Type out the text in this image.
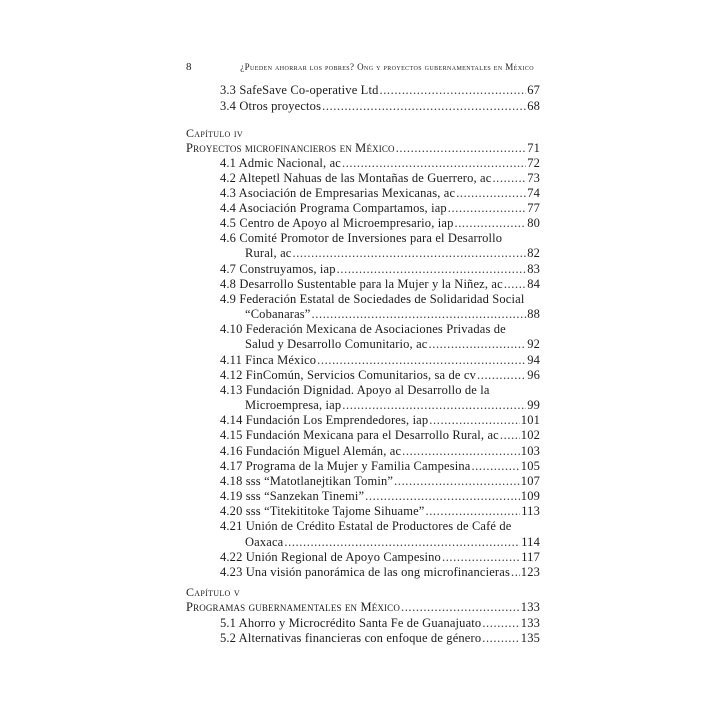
8	¿Pueden ahorrar los pobres? Ong y proyectos gubernamentales en México
3.3 SafeSave Co-operative Ltd .....	67
3.4 Otros proyectos .....	68
Capítulo iv
Proyectos microfinancieros en México .....	71
4.1 Admic Nacional, ac .....	72
4.2 Altepetl Nahuas de las Montañas de Guerrero, ac .....	73
4.3 Asociación de Empresarias Mexicanas, ac .....	74
4.4 Asociación Programa Compartamos, iap .....	77
4.5 Centro de Apoyo al Microempresario, iap .....	80
4.6 Comité Promotor de Inversiones para el Desarrollo
Rural, ac .....	82
4.7 Construyamos, iap .....	83
4.8 Desarrollo Sustentable para la Mujer y la Niñez, ac ..... 84
4.9 Federación Estatal de Sociedades de Solidaridad Social
“Cobanaras” .....	88
4.10 Federación Mexicana de Asociaciones Privadas de
Salud y Desarrollo Comunitario, ac .....	92
4.11 Finca México .....	94
4.12 FinComún, Servicios Comunitarios, sa de cv .....	96
4.13 Fundación Dignidad. Apoyo al Desarrollo de la
Microempresa, iap .....	99
4.14 Fundación Los Emprendedores, iap .....	101
4.15 Fundación Mexicana para el Desarrollo Rural, ac ..... 102
4.16 Fundación Miguel Alemán, ac .....	103
4.17 Programa de la Mujer y Familia Campesina .....	105
4.18 sss “Matotlanejtikan Tomin” .....	107
4.19 sss “Sanzekan Tinemi” .....	109
4.20 sss “Titekititoke Tajome Sihuame” .....	113
4.21 Unión de Crédito Estatal de Productores de Café de
Oaxaca .....	114
4.22 Unión Regional de Apoyo Campesino .....	117
4.23 Una visión panorámica de las ong microfinancieras ..... 123
Capítulo v
Programas gubernamentales en México .....	133
5.1 Ahorro y Microcrédito Santa Fe de Guanajuato .....	133
5.2 Alternativas financieras con enfoque de género .....	135
